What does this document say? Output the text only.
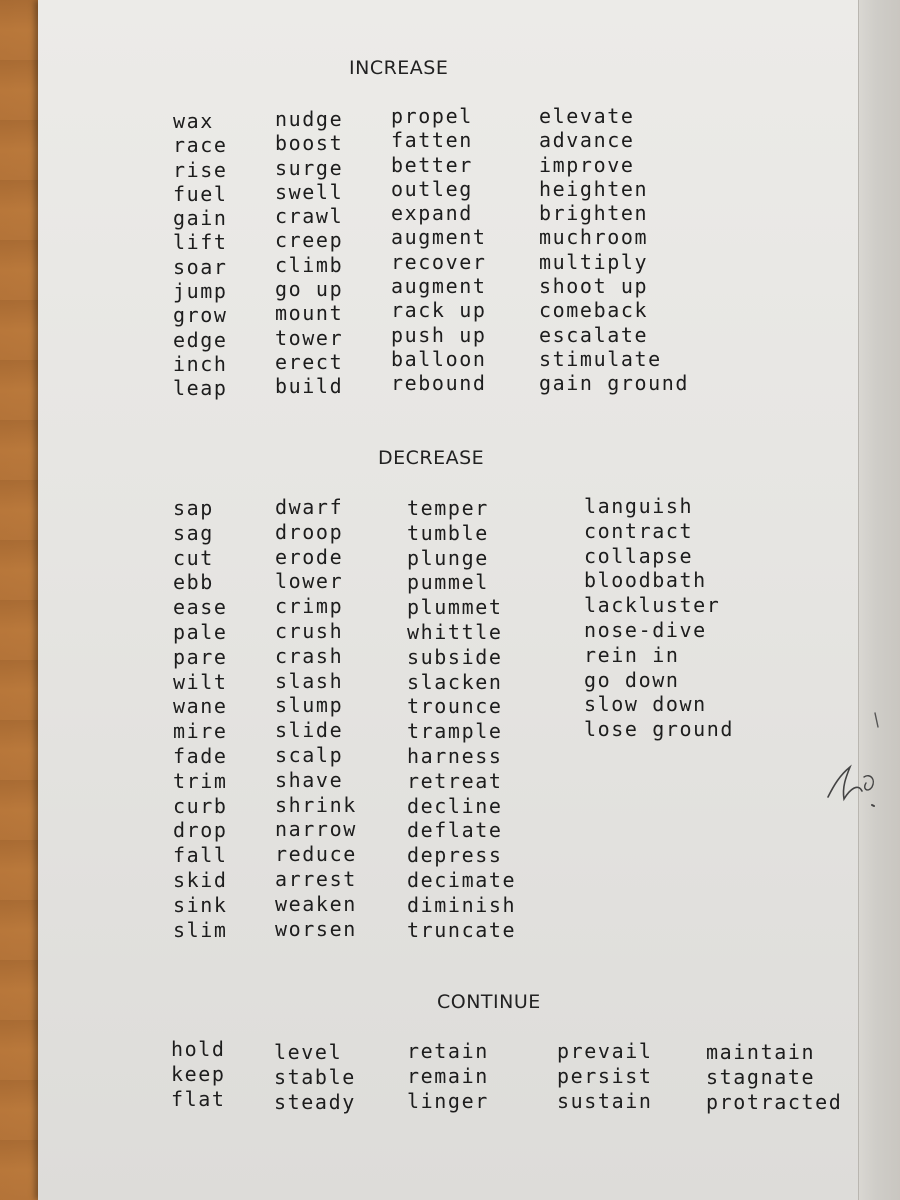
INCREASE
wax
race
rise
fuel
gain
lift
soar
jump
grow
edge
inch
leap
nudge
boost
surge
swell
crawl
creep
climb
go up
mount
tower
erect
build
propel
fatten
better
outleg
expand
augment
recover
augment
rack up
push up
balloon
rebound
elevate
advance
improve
heighten
brighten
muchroom
multiply
shoot up
comeback
escalate
stimulate
gain ground
DECREASE
sap
sag
cut
ebb
ease
pale
pare
wilt
wane
mire
fade
trim
curb
drop
fall
skid
sink
slim
dwarf
droop
erode
lower
crimp
crush
crash
slash
slump
slide
scalp
shave
shrink
narrow
reduce
arrest
weaken
worsen
temper
tumble
plunge
pummel
plummet
whittle
subside
slacken
trounce
trample
harness
retreat
decline
deflate
depress
decimate
diminish
truncate
languish
contract
collapse
bloodbath
lackluster
nose-dive
rein in
go down
slow down
lose ground
CONTINUE
hold
keep
flat
level
stable
steady
retain
remain
linger
prevail
persist
sustain
maintain
stagnate
protracted
